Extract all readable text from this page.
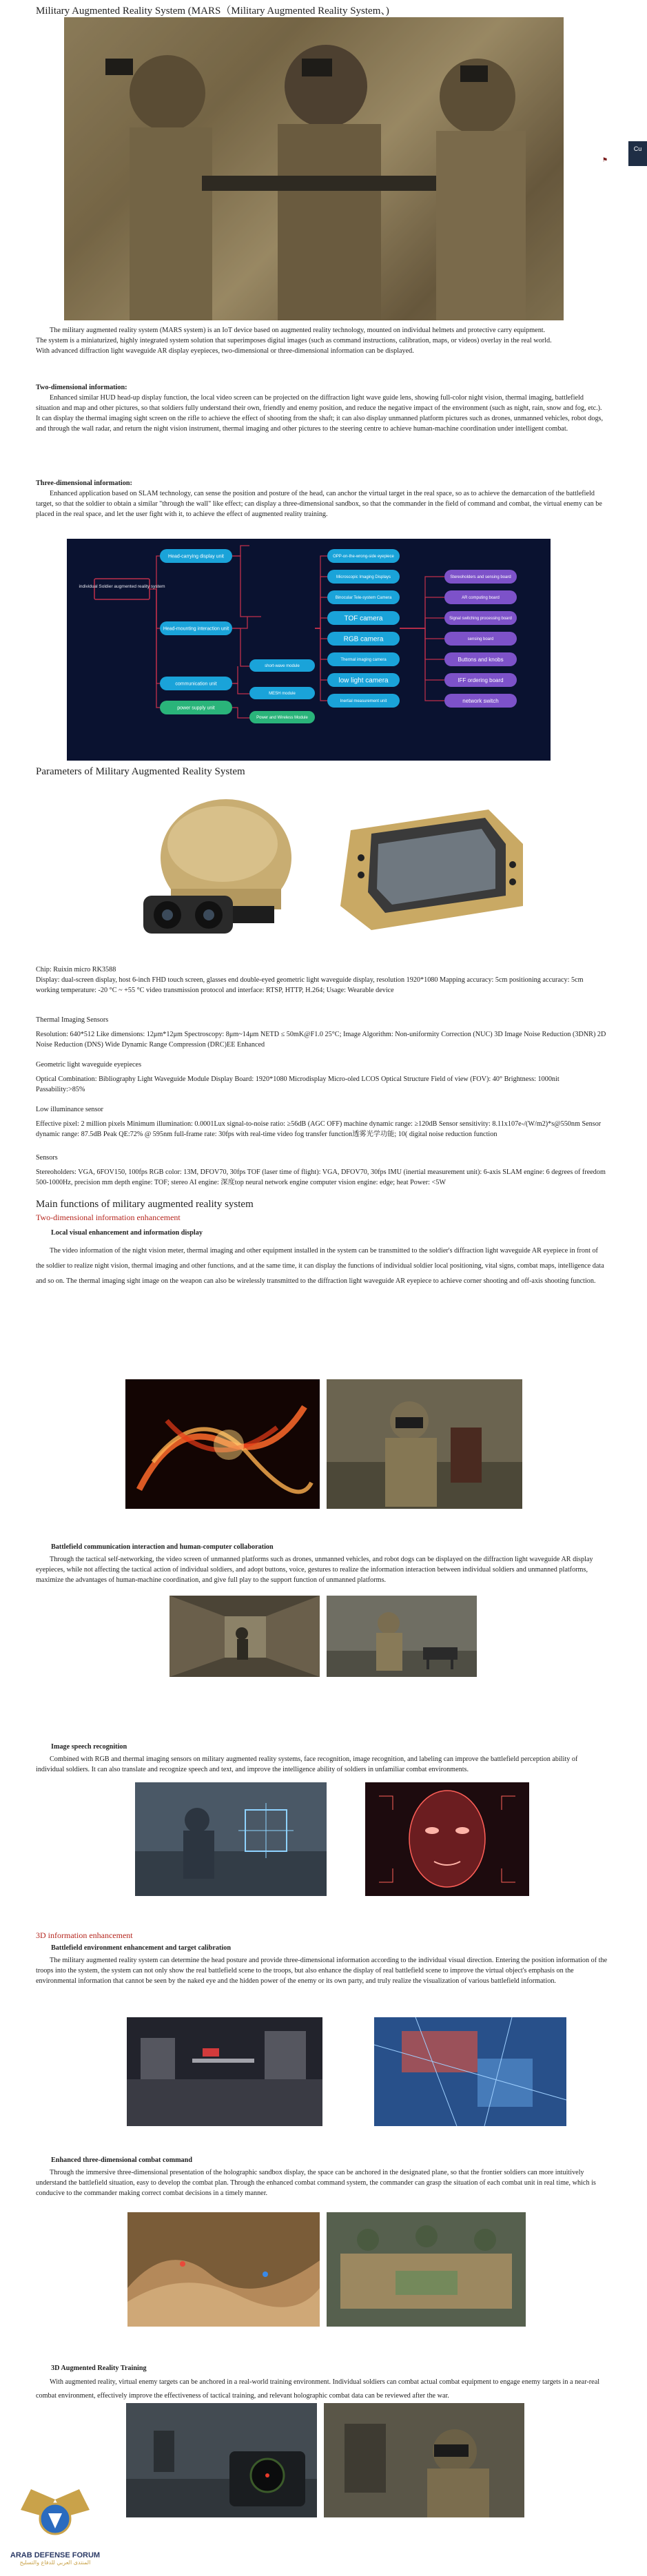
Military Augmented Reality System (MARS（Military Augmented Reality System、)
Cu
⚑

The military augmented reality system (MARS system) is an IoT device based on augmented reality technology, mounted on individual helmets and protective carry equipment.

The system is a miniaturized, highly integrated system solution that superimposes digital images (such as command instructions, calibration, maps, or videos) overlay in the real world.

With advanced diffraction light waveguide AR display eyepieces, two-dimensional or three-dimensional information can be displayed.

Two-dimensional information:

Enhanced similar HUD head-up display function, the local video screen can be projected on the diffraction light wave guide lens, showing full-color night vision, thermal imaging, battlefield situation and map and other pictures, so that soldiers fully understand their own, friendly and enemy position, and reduce the negative impact of the environment (such as night, rain, snow and fog, etc.). It can display the thermal imaging sight screen on the rifle to achieve the effect of shooting from the shaft; it can also display unmanned platform pictures such as drones, unmanned vehicles, robot dogs, and through the wall radar, and return the night vision instrument, thermal imaging and other pictures to the steering centre to achieve human-machine coordination under intelligent combat.

Three-dimensional information:

Enhanced application based on SLAM technology, can sense the position and posture of the head, can anchor the virtual target in the real space, so as to achieve the demarcation of the battlefield target, so that the soldier to obtain a similar "through the wall" like effect; can display a three-dimensional sandbox, so that the commander in the field of command and combat, the virtual enemy can be placed in the real space, and let the user fight with it, to achieve the effect of augmented reality training.

individual Soldier augmented reality system
Head-carrying display unit
Head-mounting interaction unit
communication unit
power supply unit
short-wave module
MESH module
Power and Wireless Module
OPP-on-the-wrong-side eyepiece
Microscopic Imaging Displays
Binocular Tele-system Camera
TOF camera
RGB camera
Thermal imaging camera
low light camera
Inertial measurement unit
Stereoholders and sensing board
AR computing board
Signal switching processing board
sensing board
Buttons and knobs
IFF ordering board
network switch
Parameters of Military Augmented Reality System

Chip: Ruixin micro RK3588

Display: dual-screen display, host 6-inch FHD touch screen, glasses end double-eyed geometric light waveguide display, resolution 1920*1080 Mapping accuracy: 5cm positioning accuracy: 5cm working temperature: -20 °C ~ +55 °C video transmission protocol and interface: RTSP, HTTP, H.264; Usage: Wearable device

Thermal Imaging Sensors

Resolution: 640*512 Like dimensions: 12μm*12μm Spectroscopy: 8μm~14μm NETD ≤ 50mK@F1.0 25°C; Image Algorithm: Non-uniformity Correction (NUC) 3D Image Noise Reduction (3DNR) 2D Noise Reduction (DNS) Wide Dynamic Range Compression (DRC)EE Enhanced

Geometric light waveguide eyepieces

Optical Combination: Bibliography Light Waveguide Module Display Board: 1920*1080 Microdisplay Micro-oled LCOS Optical Structure Field of view (FOV): 40° Brightness: 1000nit Passability:>85%

Low illuminance sensor

Effective pixel: 2 million pixels Minimum illumination: 0.0001Lux signal-to-noise ratio: ≥56dB (AGC OFF) machine dynamic range: ≥120dB Sensor sensitivity: 8.11x107e-/(W/m2)*s@550nm Sensor dynamic range: 87.5dB Peak QE:72% @ 595nm full-frame rate: 30fps with real-time video fog transfer function透雾光学功能; 10( digital noise reduction function

Sensors

Stereoholders: VGA, 6FOV150, 100fps RGB color: 13M, DFOV70, 30fps TOF (laser time of flight): VGA, DFOV70, 30fps IMU (inertial measurement unit): 6-axis SLAM engine: 6 degrees of freedom 500-1000Hz, precision mm depth engine: TOF; stereo AI engine: 深度top neural network engine computer vision engine: edge; heat Power: <5W

Main functions of military augmented reality system
Two-dimensional information enhancement

Local visual enhancement and information display

The video information of the night vision meter, thermal imaging and other equipment installed in the system can be transmitted to the soldier's diffraction light waveguide AR eyepiece in front of the soldier to realize night vision, thermal imaging and other functions, and at the same time, it can display the functions of individual soldier local positioning, vital signs, combat maps, intelligence data and so on. The thermal imaging sight image on the weapon can also be wirelessly transmitted to the diffraction light waveguide AR eyepiece to achieve corner shooting and off-axis shooting function.

Battlefield communication interaction and human-computer collaboration

Through the tactical self-networking, the video screen of unmanned platforms such as drones, unmanned vehicles, and robot dogs can be displayed on the diffraction light waveguide AR display eyepieces, while not affecting the tactical action of individual soldiers, and adopt buttons, voice, gestures to realize the information interaction between individual soldiers and unmanned platforms, maximize the advantages of human-machine coordination, and give full play to the support function of unmanned platforms.

Image speech recognition

Combined with RGB and thermal imaging sensors on military augmented reality systems, face recognition, image recognition, and labeling can improve the battlefield perception ability of individual soldiers. It can also translate and recognize speech and text, and improve the intelligence ability of soldiers in unfamiliar combat environments.

3D information enhancement

Battlefield environment enhancement and target calibration

The military augmented reality system can determine the head posture and provide three-dimensional information according to the individual visual direction. Entering the position information of the troops into the system, the system can not only show the real battlefield scene to the troops, but also enhance the display of real battlefield scene to improve the virtual object's emphasis on the environmental information that cannot be seen by the naked eye and the hidden power of the enemy or its own party, and truly realize the visualization of various battlefield information.

Enhanced three-dimensional combat command

Through the immersive three-dimensional presentation of the holographic sandbox display, the space can be anchored in the designated plane, so that the frontier soldiers can more intuitively understand the battlefield situation, easy to develop the combat plan. Through the enhanced combat command system, the commander can grasp the situation of each combat unit in real time, which is conducive to the commander making correct combat decisions in a timely manner.

3D Augmented Reality Training

With augmented reality, virtual enemy targets can be anchored in a real-world training environment. Individual soldiers can combat actual combat equipment to engage enemy targets in a near-real combat environment, effectively improve the effectiveness of tactical training, and relevant holographic combat data can be reviewed after the war.

ARAB DEFENSE FORUM
المنتدى العربي للدفاع والتسليح
